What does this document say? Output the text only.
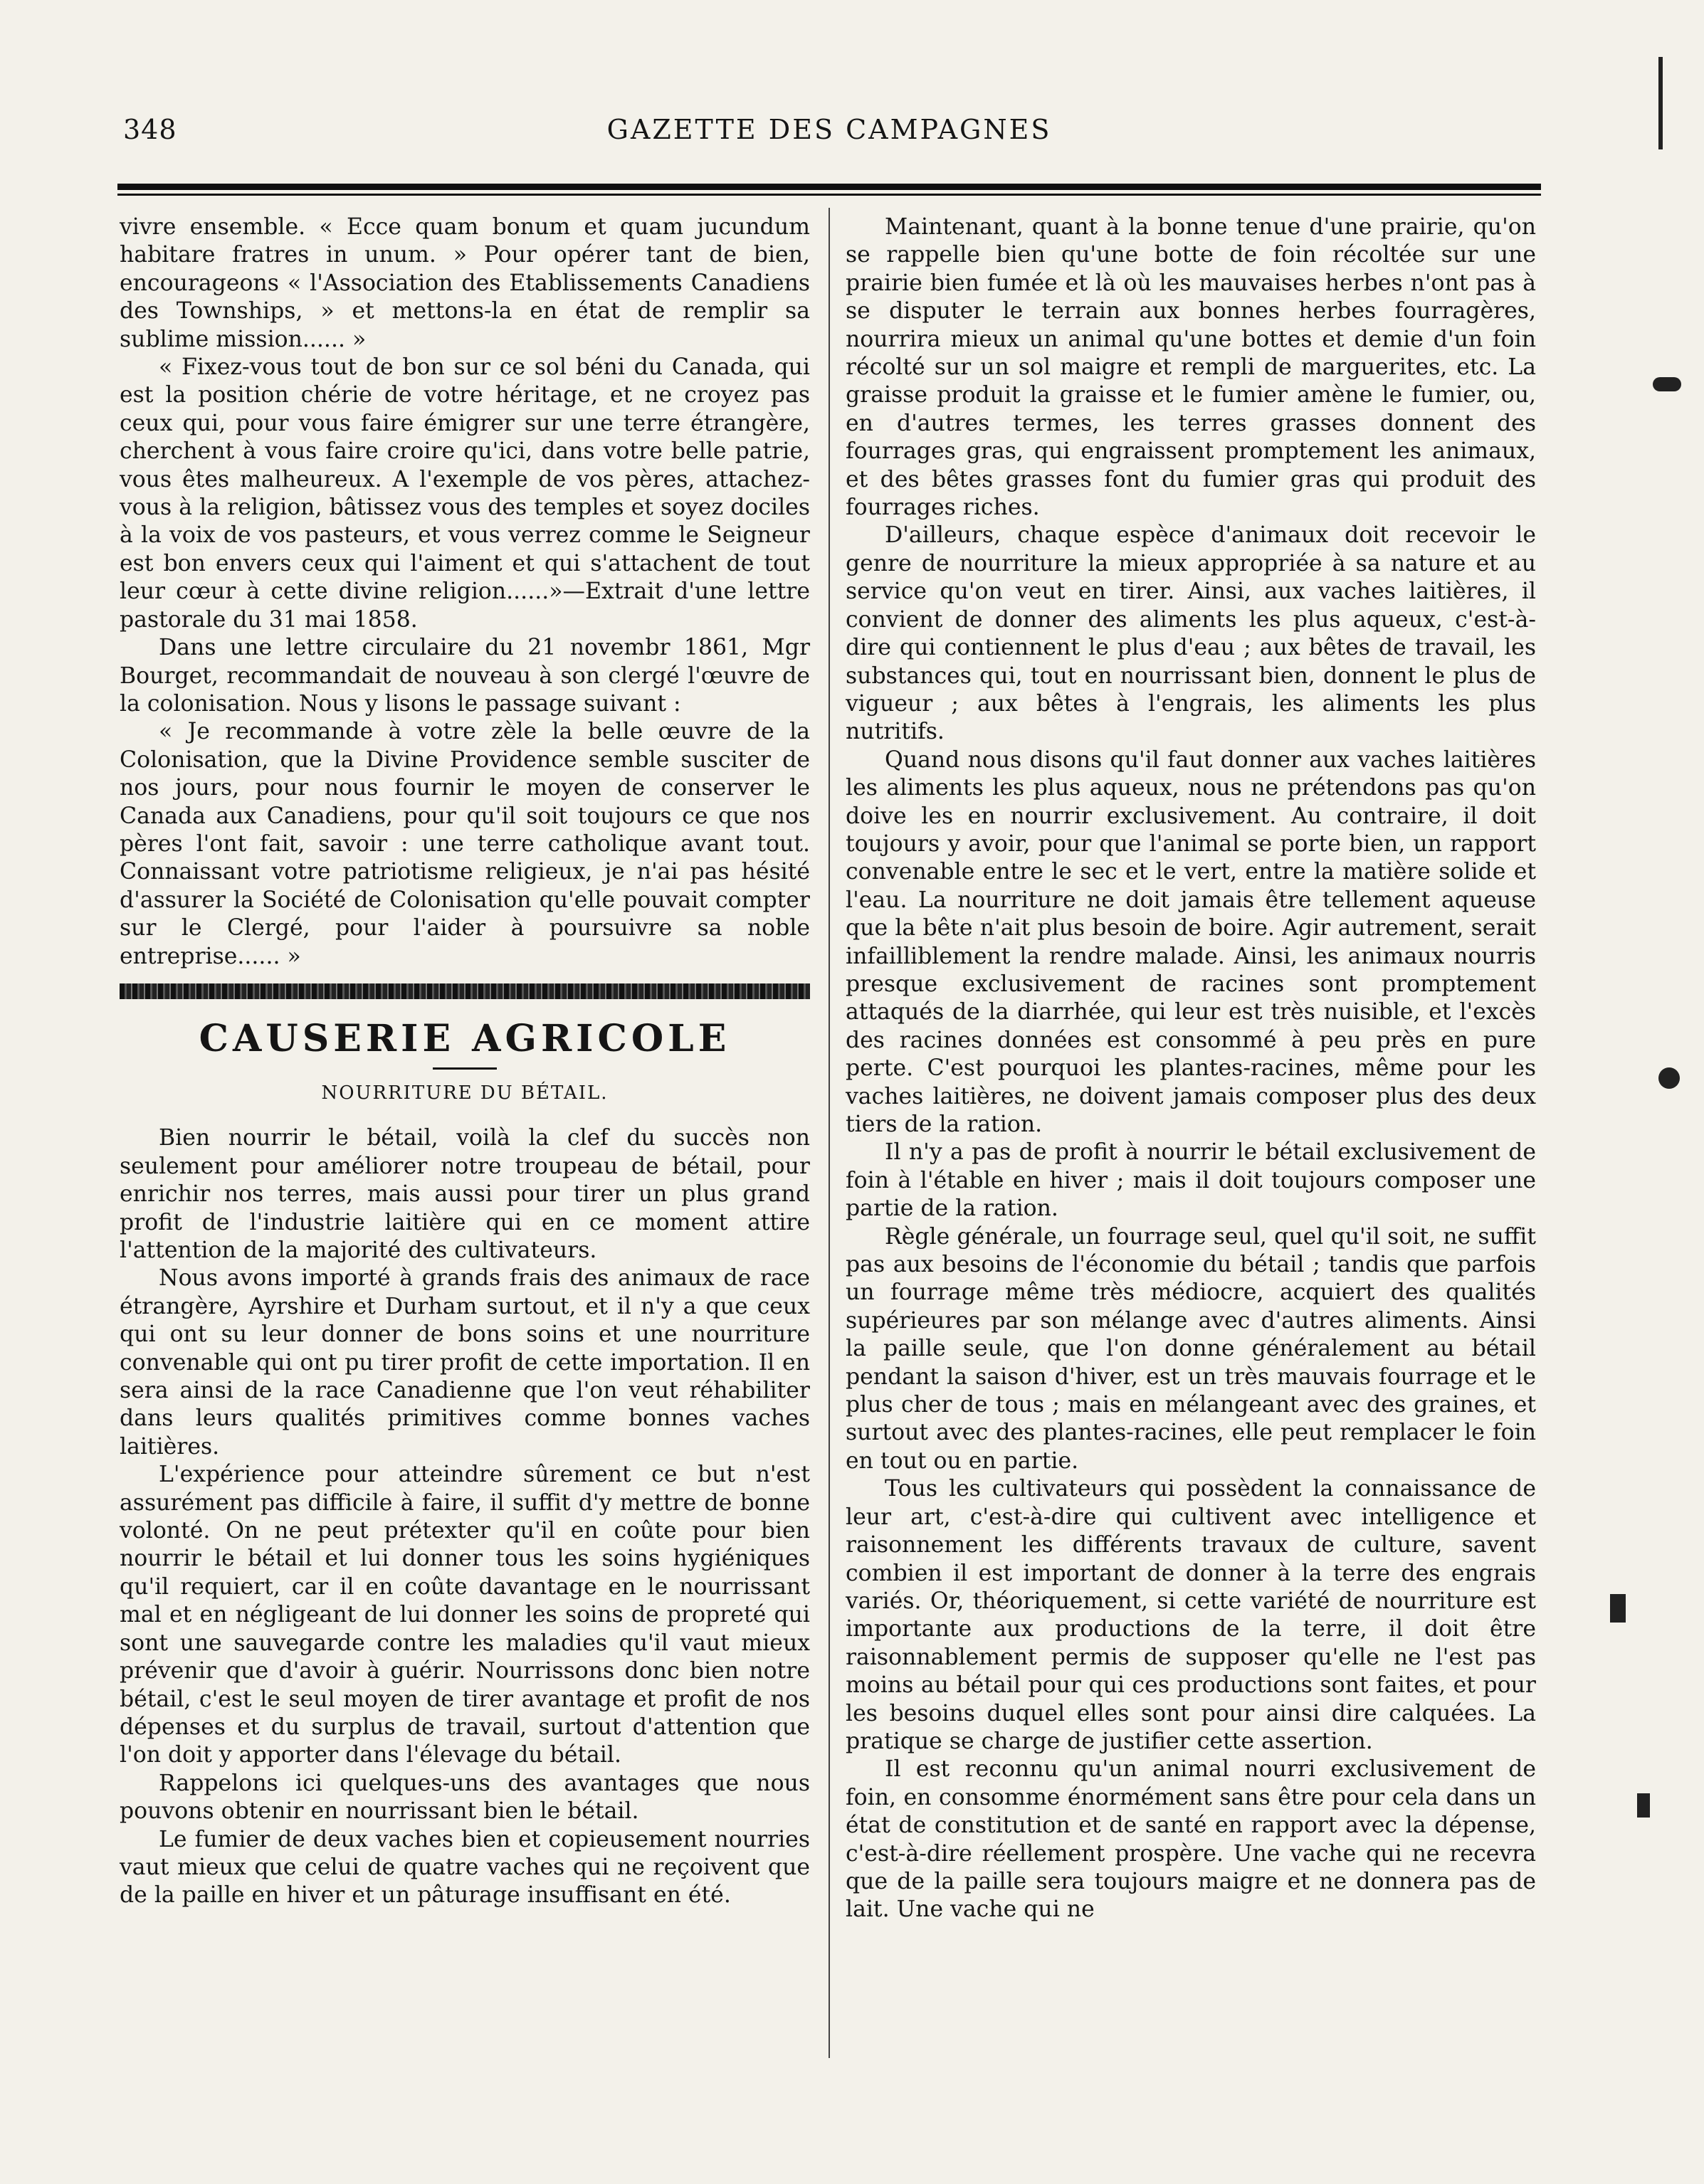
348	GAZETTE DES CAMPAGNES

vivre ensemble. « Ecce quam bonum et quam jucundum habitare fratres in unum. » Pour opérer tant de bien, encourageons « l'Association des Etablissements Canadiens des Townships, » et mettons-la en état de remplir sa sublime mission...... »

« Fixez-vous tout de bon sur ce sol béni du Canada, qui est la position chérie de votre héritage, et ne croyez pas ceux qui, pour vous faire émigrer sur une terre étrangère, cherchent à vous faire croire qu'ici, dans votre belle patrie, vous êtes malheureux. A l'exemple de vos pères, attachez-vous à la religion, bâtissez vous des temples et soyez dociles à la voix de vos pasteurs, et vous verrez comme le Seigneur est bon envers ceux qui l'aiment et qui s'attachent de tout leur cœur à cette divine religion......»—Extrait d'une lettre pastorale du 31 mai 1858.

Dans une lettre circulaire du 21 novembr 1861, Mgr Bourget, recommandait de nouveau à son clergé l'œuvre de la colonisation. Nous y lisons le passage suivant :

« Je recommande à votre zèle la belle œuvre de la Colonisation, que la Divine Providence semble susciter de nos jours, pour nous fournir le moyen de conserver le Canada aux Canadiens, pour qu'il soit toujours ce que nos pères l'ont fait, savoir : une terre catholique avant tout. Connaissant votre patriotisme religieux, je n'ai pas hésité d'assurer la Société de Colonisation qu'elle pouvait compter sur le Clergé, pour l'aider à poursuivre sa noble entreprise...... »

CAUSERIE AGRICOLE
NOURRITURE DU BÉTAIL.

Bien nourrir le bétail, voilà la clef du succès non seulement pour améliorer notre troupeau de bétail, pour enrichir nos terres, mais aussi pour tirer un plus grand profit de l'industrie laitière qui en ce moment attire l'attention de la majorité des cultivateurs.

Nous avons importé à grands frais des animaux de race étrangère, Ayrshire et Durham surtout, et il n'y a que ceux qui ont su leur donner de bons soins et une nourriture convenable qui ont pu tirer profit de cette importation. Il en sera ainsi de la race Canadienne que l'on veut réhabiliter dans leurs qualités primitives comme bonnes vaches laitières.

L'expérience pour atteindre sûrement ce but n'est assurément pas difficile à faire, il suffit d'y mettre de bonne volonté. On ne peut prétexter qu'il en coûte pour bien nourrir le bétail et lui donner tous les soins hygiéniques qu'il requiert, car il en coûte davantage en le nourrissant mal et en négligeant de lui donner les soins de propreté qui sont une sauvegarde contre les maladies qu'il vaut mieux prévenir que d'avoir à guérir. Nourrissons donc bien notre bétail, c'est le seul moyen de tirer avantage et profit de nos dépenses et du surplus de travail, surtout d'attention que l'on doit y apporter dans l'élevage du bétail.

Rappelons ici quelques-uns des avantages que nous pouvons obtenir en nourrissant bien le bétail.

Le fumier de deux vaches bien et copieusement nourries vaut mieux que celui de quatre vaches qui ne reçoivent que de la paille en hiver et un pâturage insuffisant en été.

Maintenant, quant à la bonne tenue d'une prairie, qu'on se rappelle bien qu'une botte de foin récoltée sur une prairie bien fumée et là où les mauvaises herbes n'ont pas à se disputer le terrain aux bonnes herbes fourragères, nourrira mieux un animal qu'une bottes et demie d'un foin récolté sur un sol maigre et rempli de marguerites, etc. La graisse produit la graisse et le fumier amène le fumier, ou, en d'autres termes, les terres grasses donnent des fourrages gras, qui engraissent promptement les animaux, et des bêtes grasses font du fumier gras qui produit des fourrages riches.

D'ailleurs, chaque espèce d'animaux doit recevoir le genre de nourriture la mieux appropriée à sa nature et au service qu'on veut en tirer. Ainsi, aux vaches laitières, il convient de donner des aliments les plus aqueux, c'est-à-dire qui contiennent le plus d'eau ; aux bêtes de travail, les substances qui, tout en nourrissant bien, donnent le plus de vigueur ; aux bêtes à l'engrais, les aliments les plus nutritifs.

Quand nous disons qu'il faut donner aux vaches laitières les aliments les plus aqueux, nous ne prétendons pas qu'on doive les en nourrir exclusivement. Au contraire, il doit toujours y avoir, pour que l'animal se porte bien, un rapport convenable entre le sec et le vert, entre la matière solide et l'eau. La nourriture ne doit jamais être tellement aqueuse que la bête n'ait plus besoin de boire. Agir autrement, serait infailliblement la rendre malade. Ainsi, les animaux nourris presque exclusivement de racines sont promptement attaqués de la diarrhée, qui leur est très nuisible, et l'excès des racines données est consommé à peu près en pure perte. C'est pourquoi les plantes-racines, même pour les vaches laitières, ne doivent jamais composer plus des deux tiers de la ration.

Il n'y a pas de profit à nourrir le bétail exclusivement de foin à l'étable en hiver ; mais il doit toujours composer une partie de la ration.

Règle générale, un fourrage seul, quel qu'il soit, ne suffit pas aux besoins de l'économie du bétail ; tandis que parfois un fourrage même très médiocre, acquiert des qualités supérieures par son mélange avec d'autres aliments. Ainsi la paille seule, que l'on donne généralement au bétail pendant la saison d'hiver, est un très mauvais fourrage et le plus cher de tous ; mais en mélangeant avec des graines, et surtout avec des plantes-racines, elle peut remplacer le foin en tout ou en partie.

Tous les cultivateurs qui possèdent la connaissance de leur art, c'est-à-dire qui cultivent avec intelligence et raisonnement les différents travaux de culture, savent combien il est important de donner à la terre des engrais variés. Or, théoriquement, si cette variété de nourriture est importante aux productions de la terre, il doit être raisonnablement permis de supposer qu'elle ne l'est pas moins au bétail pour qui ces productions sont faites, et pour les besoins duquel elles sont pour ainsi dire calquées. La pratique se charge de justifier cette assertion.

Il est reconnu qu'un animal nourri exclusivement de foin, en consomme énormément sans être pour cela dans un état de constitution et de santé en rapport avec la dépense, c'est-à-dire réellement prospère. Une vache qui ne recevra que de la paille sera toujours maigre et ne donnera pas de lait. Une vache qui ne
